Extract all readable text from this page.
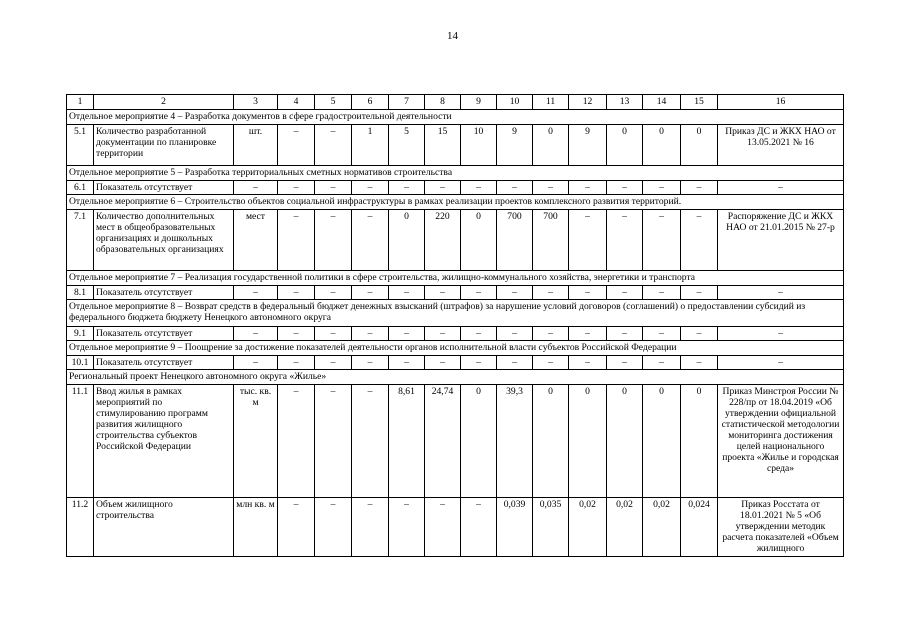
14
1	2	3	4	5	6	7	8	9	10	11	12	13	14	15	16
Отдельное мероприятие 4 – Разработка документов в сфере градостроительной деятельности															
5.1	Количество разработанной документации по планировке территории	шт.	–	–	1	5	15	10	9	0	9	0	0	0	Приказ ДС и ЖКХ НАО от 13.05.2021 № 16
Отдельное мероприятие 5 – Разработка территориальных сметных нормативов строительства															
6.1	Показатель отсутствует	–	–	–	–	–	–	–	–	–	–	–	–	–	–
Отдельное мероприятие 6 – Строительство объектов социальной инфраструктуры в рамках реализации проектов комплексного развития территорий.															
7.1	Количество дополнительных мест в общеобразовательных организациях и дошкольных образовательных организациях	мест	–	–	–	0	220	0	700	700	–	–	–	–	Распоряжение ДС и ЖКХ НАО от 21.01.2015 № 27-р
Отдельное мероприятие 7 – Реализация государственной политики в сфере строительства, жилищно-коммунального хозяйства, энергетики и транспорта															
8.1	Показатель отсутствует	–	–	–	–	–	–	–	–	–	–	–	–	–	–
Отдельное мероприятие 8 – Возврат средств в федеральный бюджет денежных взысканий (штрафов) за нарушение условий договоров (соглашений) о предоставлении субсидий из федерального бюджета бюджету Ненецкого автономного округа															
9.1	Показатель отсутствует	–	–	–	–	–	–	–	–	–	–	–	–	–	–
Отдельное мероприятие 9 – Поощрение за достижение показателей деятельности органов исполнительной власти субъектов Российской Федерации															
10.1	Показатель отсутствует	–	–	–	–	–	–	–	–	–	–	–	–	–	–
Региональный проект Ненецкого автономного округа «Жилье»															
11.1	Ввод жилья в рамках мероприятий по стимулированию программ развития жилищного строительства субъектов Российской Федерации	тыс. кв. м	–	–	–	8,61	24,74	0	39,3	0	0	0	0	0	Приказ Минстроя России № 228/пр от 18.04.2019 «Об утверждении официальной статистической методологии мониторинга достижения целей национального проекта «Жилье и городская среда»
11.2	Объем жилищного строительства	млн кв. м	–	–	–	–	–	–	0,039	0,035	0,02	0,02	0,02	0,024	Приказ Росстата от 18.01.2021 № 5 «Об утверждении методик расчета показателей «Объем жилищного
